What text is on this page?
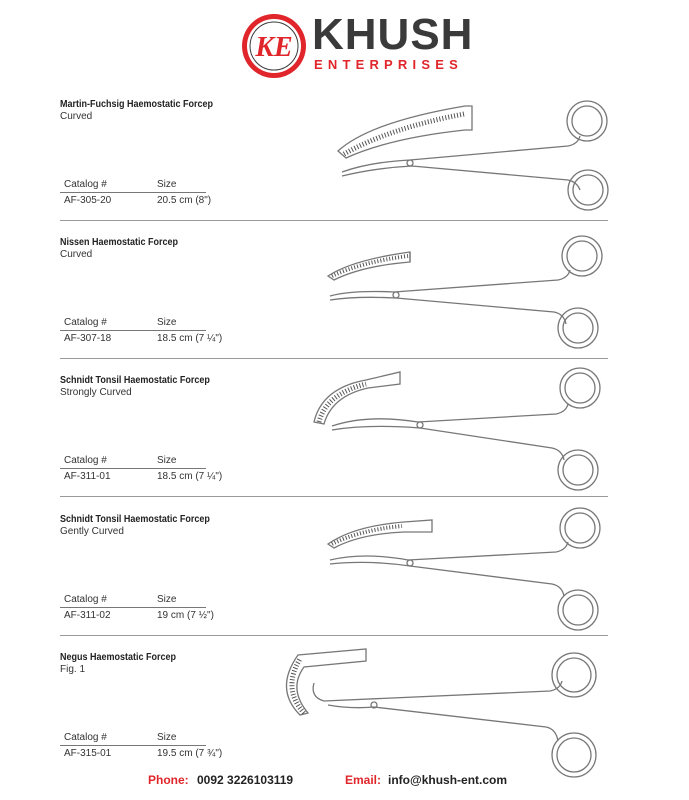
KE KHUSH
ENTERPRISES
Martin-Fuchsig Haemostatic Forcep
Curved
Catalog #	Size
AF-305-20	20.5 cm (8")
Nissen Haemostatic Forcep
Curved
Catalog #	Size
AF-307-18	18.5 cm (7 ¼")
Schnidt Tonsil Haemostatic Forcep
Strongly Curved
Catalog #	Size
AF-311-01	18.5 cm (7 ¼")
Schnidt Tonsil Haemostatic Forcep
Gently Curved
Catalog #	Size
AF-311-02	19 cm (7 ½")
Negus Haemostatic Forcep
Fig. 1
Catalog #	Size
AF-315-01	19.5 cm (7 ¾")
Phone: 0092 3226103119	Email: info@khush-ent.com
